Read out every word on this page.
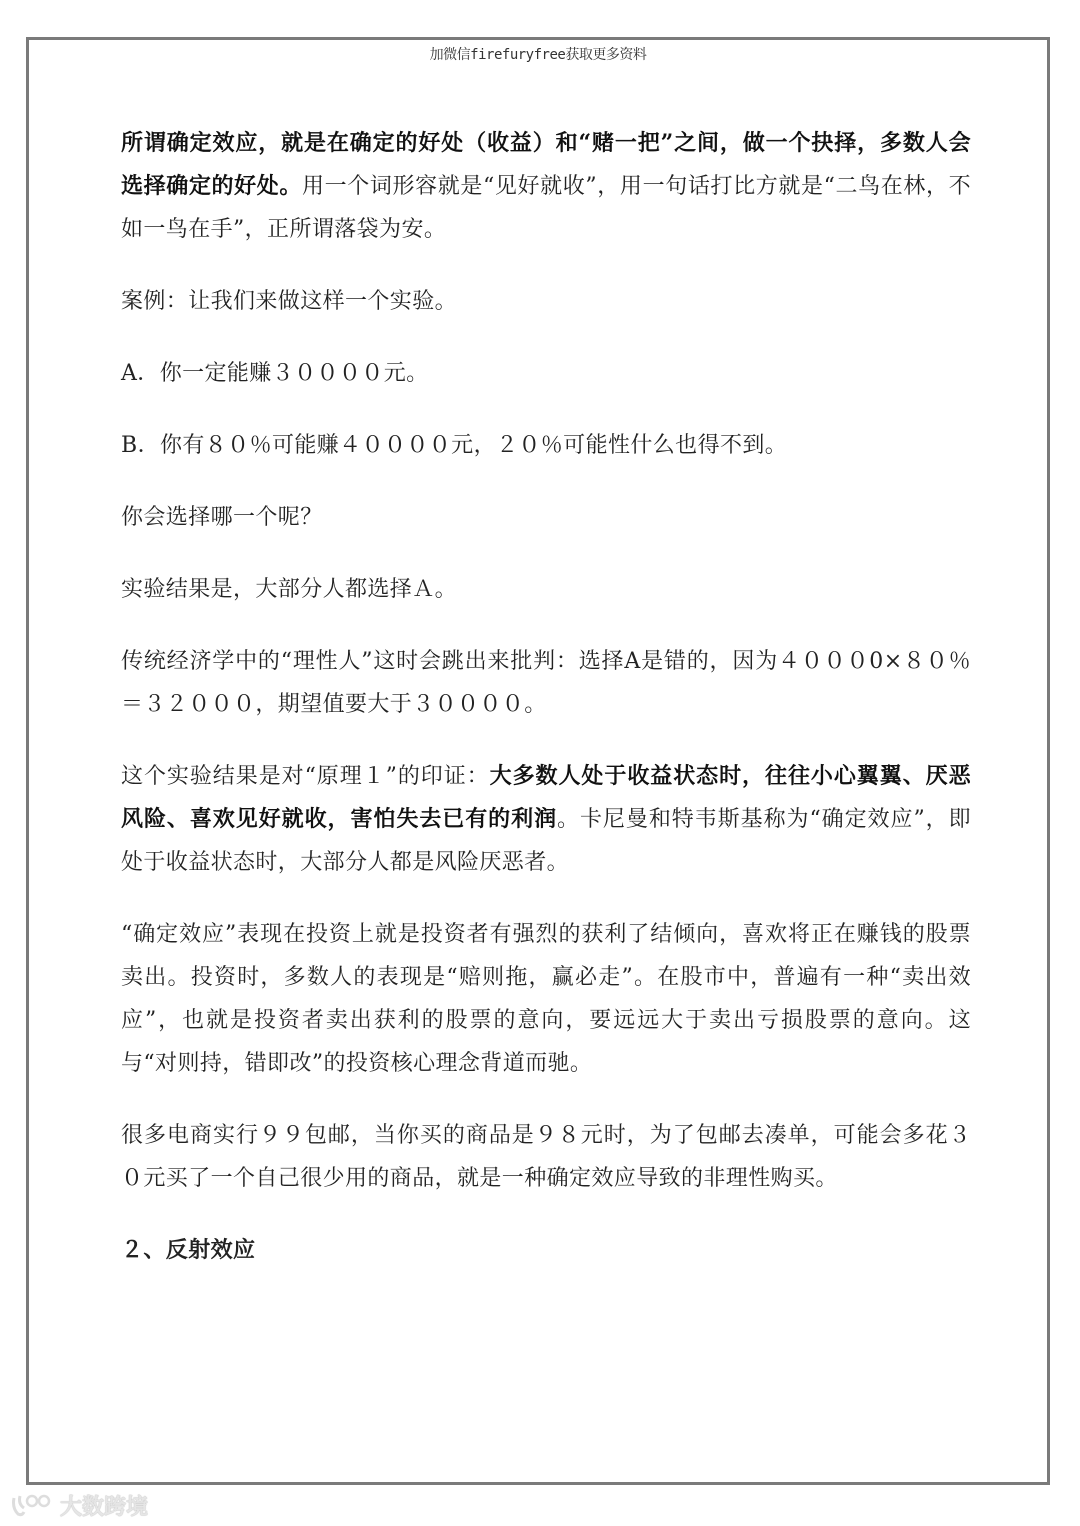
加微信firefuryfree获取更多资料

所谓确定效应，就是在确定的好处（收益）和“赌一把”之间，做一个抉择，多数人会选择确定的好处。用一个词形容就是“见好就收”，用一句话打比方就是“二鸟在林，不如一鸟在手”，正所谓落袋为安。

案例：让我们来做这样一个实验。

A．你一定能赚３００００元。

B．你有８０％可能赚４００００元，２０％可能性什么也得不到。

你会选择哪一个呢？

实验结果是，大部分人都选择Ａ。

传统经济学中的“理性人”这时会跳出来批判：选择A是错的，因为４０００0×８０％＝３２０００，期望值要大于３００００。

这个实验结果是对“原理１”的印证：大多数人处于收益状态时，往往小心翼翼、厌恶风险、喜欢见好就收，害怕失去已有的利润。卡尼曼和特韦斯基称为“确定效应”，即处于收益状态时，大部分人都是风险厌恶者。

“确定效应”表现在投资上就是投资者有强烈的获利了结倾向，喜欢将正在赚钱的股票卖出。投资时，多数人的表现是“赔则拖，赢必走”。在股市中，普遍有一种“卖出效应”，也就是投资者卖出获利的股票的意向，要远远大于卖出亏损股票的意向。这与“对则持，错即改”的投资核心理念背道而驰。

很多电商实行９９包邮，当你买的商品是９８元时，为了包邮去凑单，可能会多花３０元买了一个自己很少用的商品，就是一种确定效应导致的非理性购买。

２、反射效应

大数跨境
